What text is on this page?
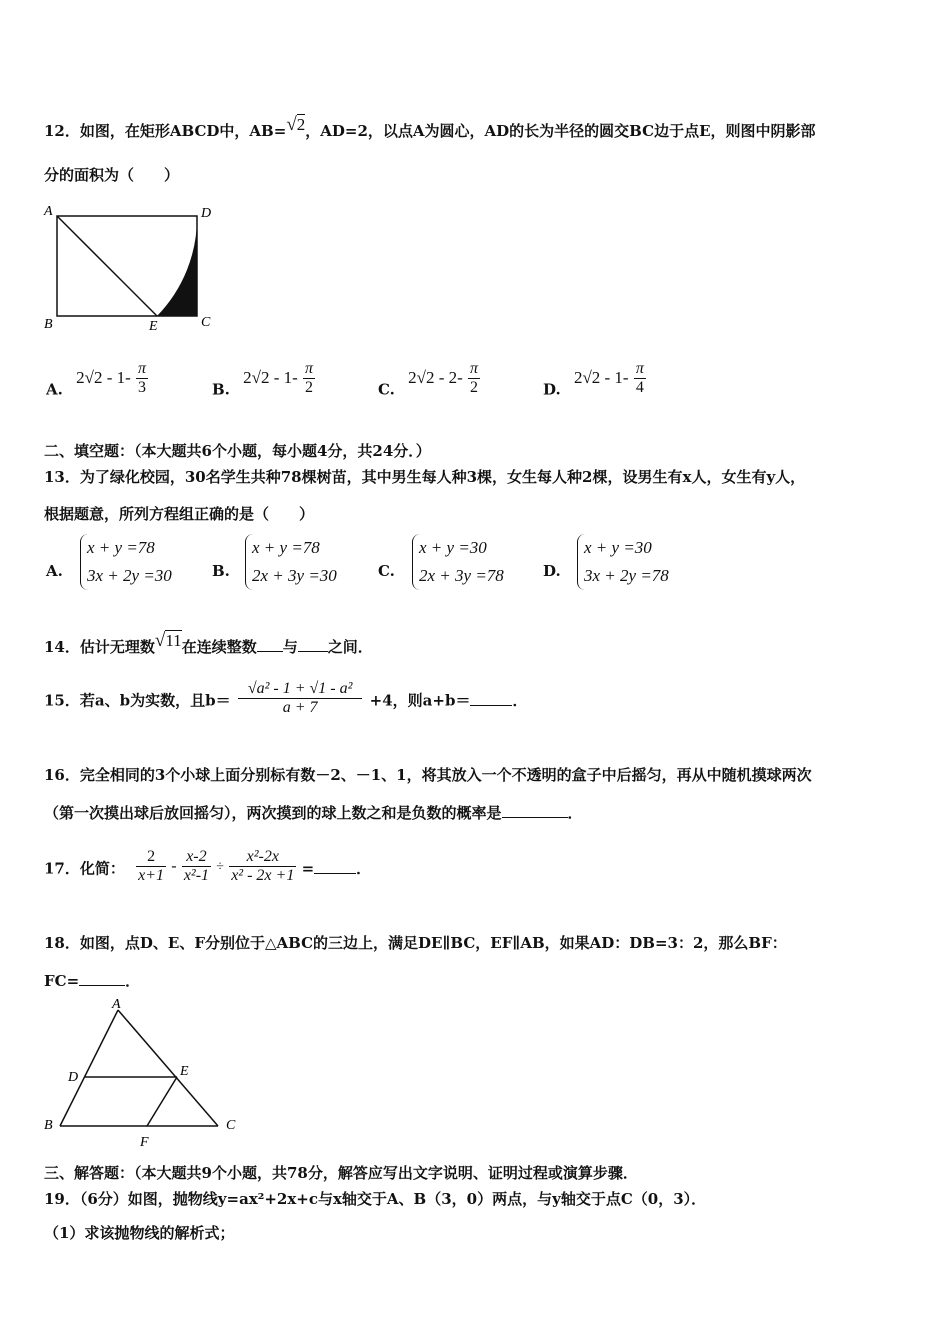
12．如图，在矩形ABCD中，AB=√2，AD=2，以点A为圆心，AD的长为半径的圆交BC边于点E，则图中阴影部
分的面积为（　　）
A	D
B	E	C
A. $2√2 - 1- \frac{\pi}{3}$	B. $2√2 - 1- \frac{\pi}{2}$	C. $2√2 - 2- \frac{\pi}{2}$	D. $2√2 - 1- \frac{\pi}{4}$
二、填空题：（本大题共6个小题，每小题4分，共24分．）
13．为了绿化校园，30名学生共种78棵树苗，其中男生每人种3棵，女生每人种2棵，设男生有x人，女生有y人，
根据题意，所列方程组正确的是（　　）
A.
x + y =78
3x + 2y =30	B.
x + y =78
2x + 3y =30	C.
x + y =30
2x + 3y =78	D.
x + y =30
3x + 2y =78
14．估计无理数√11在连续整数 与 之间．
15．若a、b为实数，且$b= \frac{\text{√a² - 1 + √1 - a²}}{a + 7} +4$，则a+b＝	．
16．完全相同的3个小球上面分别标有数－2、－1、1，将其放入一个不透明的盒子中后摇匀，再从中随机摸球两次
（第一次摸出球后放回摇匀），两次摸到的球上数之和是负数的概率是	．
17．化简： $\frac{2}{x+1} - \frac{x-2}{\text{x²-1}} \div \frac{\text{x²-2x}}{\text{x² - 2x +1}}$ =	．
18．如图，点D、E、F分别位于△ABC的三边上，满足DE∥BC，EF∥AB，如果AD：DB=3：2，那么BF：
FC=	．
A
D	E
B
F
C
三、解答题：（本大题共9个小题，共78分，解答应写出文字说明、证明过程或演算步骤．
19．（6分）如图，抛物线y=ax²+2x+c与x轴交于A、B（3，0）两点，与y轴交于点C（0，3）．
（1）求该抛物线的解析式；
